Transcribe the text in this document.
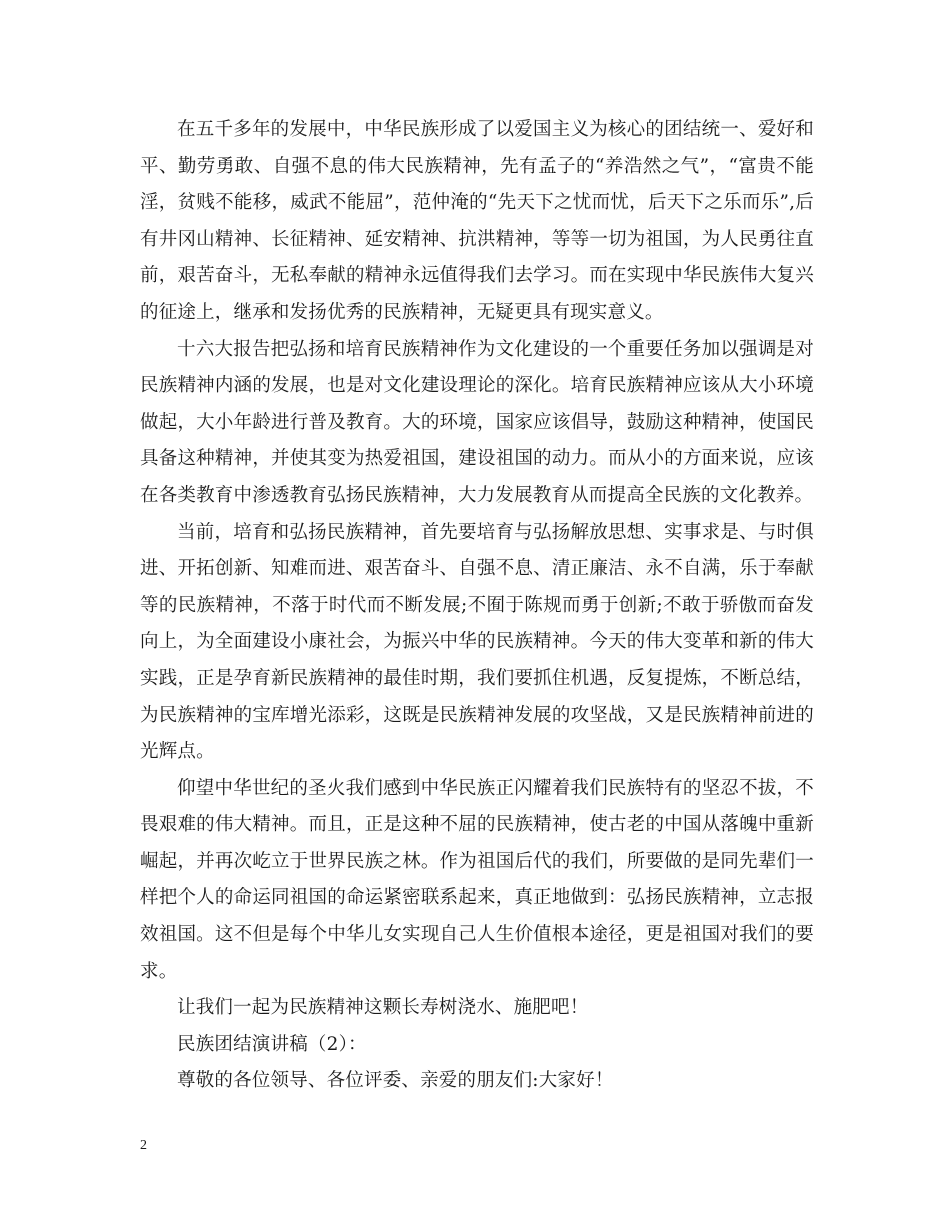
在五千多年的发展中，中华民族形成了以爱国主义为核心的团结统一、爱好和平、勤劳勇敢、自强不息的伟大民族精神，先有孟子的“养浩然之气”，“富贵不能淫，贫贱不能移，威武不能屈”，范仲淹的“先天下之忧而忧，后天下之乐而乐”,后有井冈山精神、长征精神、延安精神、抗洪精神，等等一切为祖国，为人民勇往直前，艰苦奋斗，无私奉献的精神永远值得我们去学习。而在实现中华民族伟大复兴的征途上，继承和发扬优秀的民族精神，无疑更具有现实意义。

十六大报告把弘扬和培育民族精神作为文化建设的一个重要任务加以强调是对民族精神内涵的发展，也是对文化建设理论的深化。培育民族精神应该从大小环境做起，大小年龄进行普及教育。大的环境，国家应该倡导，鼓励这种精神，使国民具备这种精神，并使其变为热爱祖国，建设祖国的动力。而从小的方面来说，应该在各类教育中渗透教育弘扬民族精神，大力发展教育从而提高全民族的文化教养。

当前，培育和弘扬民族精神，首先要培育与弘扬解放思想、实事求是、与时俱进、开拓创新、知难而进、艰苦奋斗、自强不息、清正廉洁、永不自满，乐于奉献等的民族精神，不落于时代而不断发展;不囿于陈规而勇于创新;不敢于骄傲而奋发向上，为全面建设小康社会，为振兴中华的民族精神。今天的伟大变革和新的伟大实践，正是孕育新民族精神的最佳时期，我们要抓住机遇，反复提炼，不断总结，为民族精神的宝库增光添彩，这既是民族精神发展的攻坚战，又是民族精神前进的光辉点。

仰望中华世纪的圣火我们感到中华民族正闪耀着我们民族特有的坚忍不拔，不畏艰难的伟大精神。而且，正是这种不屈的民族精神，使古老的中国从落魄中重新崛起，并再次屹立于世界民族之林。作为祖国后代的我们，所要做的是同先辈们一样把个人的命运同祖国的命运紧密联系起来，真正地做到：弘扬民族精神，立志报效祖国。这不但是每个中华儿女实现自己人生价值根本途径，更是祖国对我们的要求。

让我们一起为民族精神这颗长寿树浇水、施肥吧！

民族团结演讲稿（2）：

尊敬的各位领导、各位评委、亲爱的朋友们:大家好！

2
